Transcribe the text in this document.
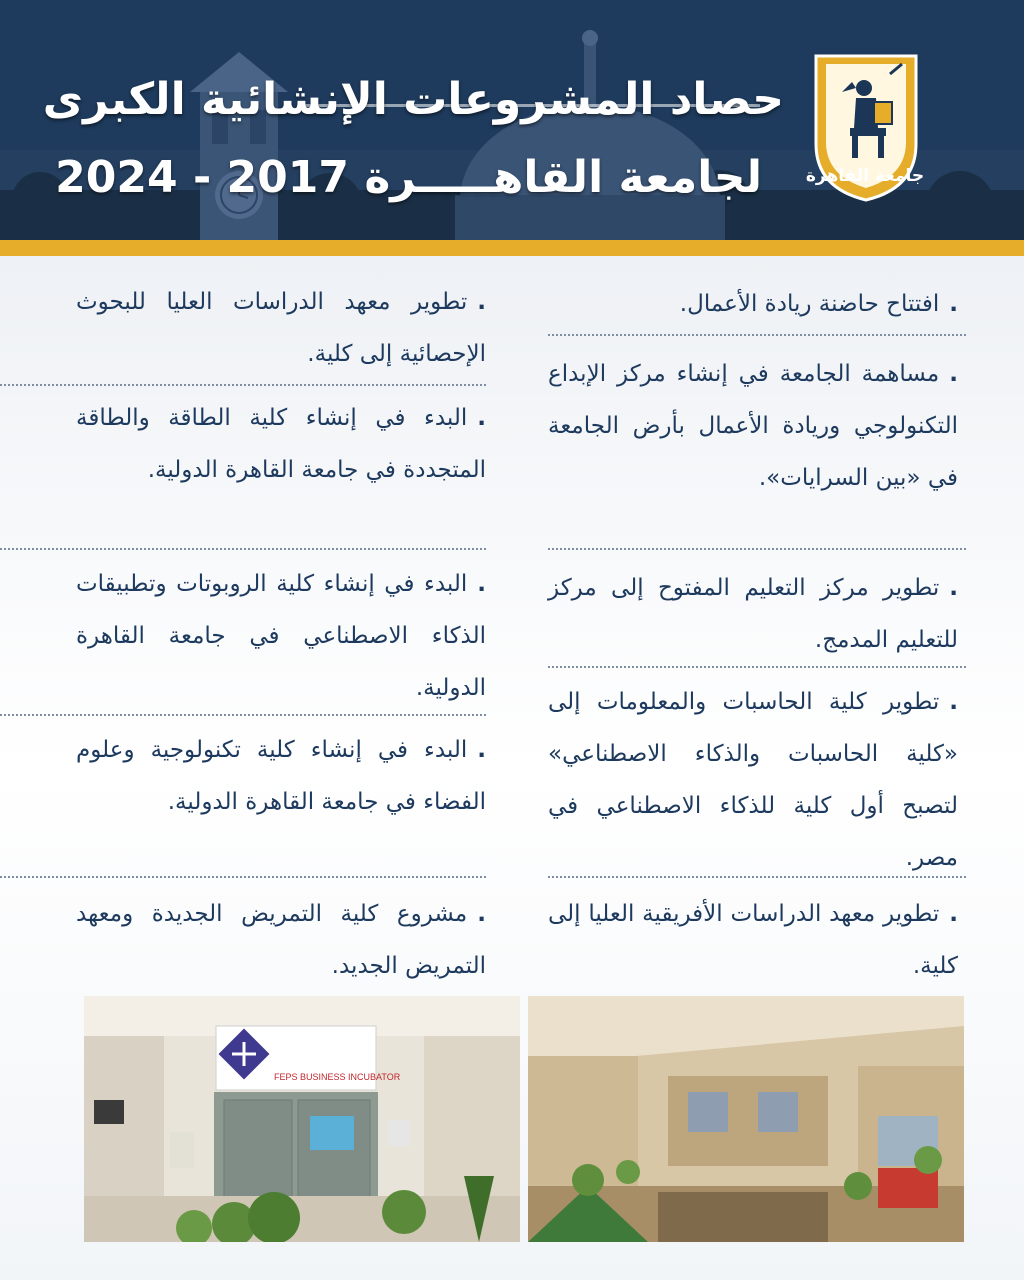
حصاد المشروعات الإنشائية الكبرى
لجامعة القاهـــــرة 2017 - 2024	جامعة القاهرة
.افتتاح حاضنة ريادة الأعمال.
.مساهمة الجامعة في إنشاء مركز الإبداع التكنولوجي وريادة الأعمال بأرض الجامعة في «بين السرايات».
.تطوير مركز التعليم المفتوح إلى مركز للتعليم المدمج.
.تطوير كلية الحاسبات والمعلومات إلى «كلية الحاسبات والذكاء الاصطناعي» لتصبح أول كلية للذكاء الاصطناعي في مصر.
.تطوير معهد الدراسات الأفريقية العليا إلى كلية.
.تطوير معهد الدراسات العليا للبحوث الإحصائية إلى كلية.
.البدء في إنشاء كلية الطاقة والطاقة المتجددة في جامعة القاهرة الدولية.
.البدء في إنشاء كلية الروبوتات وتطبيقات الذكاء الاصطناعي في جامعة القاهرة الدولية.
.البدء في إنشاء كلية تكنولوجية وعلوم الفضاء في جامعة القاهرة الدولية.
.مشروع كلية التمريض الجديدة ومعهد التمريض الجديد.
FEPS BUSINESS INCUBATOR
